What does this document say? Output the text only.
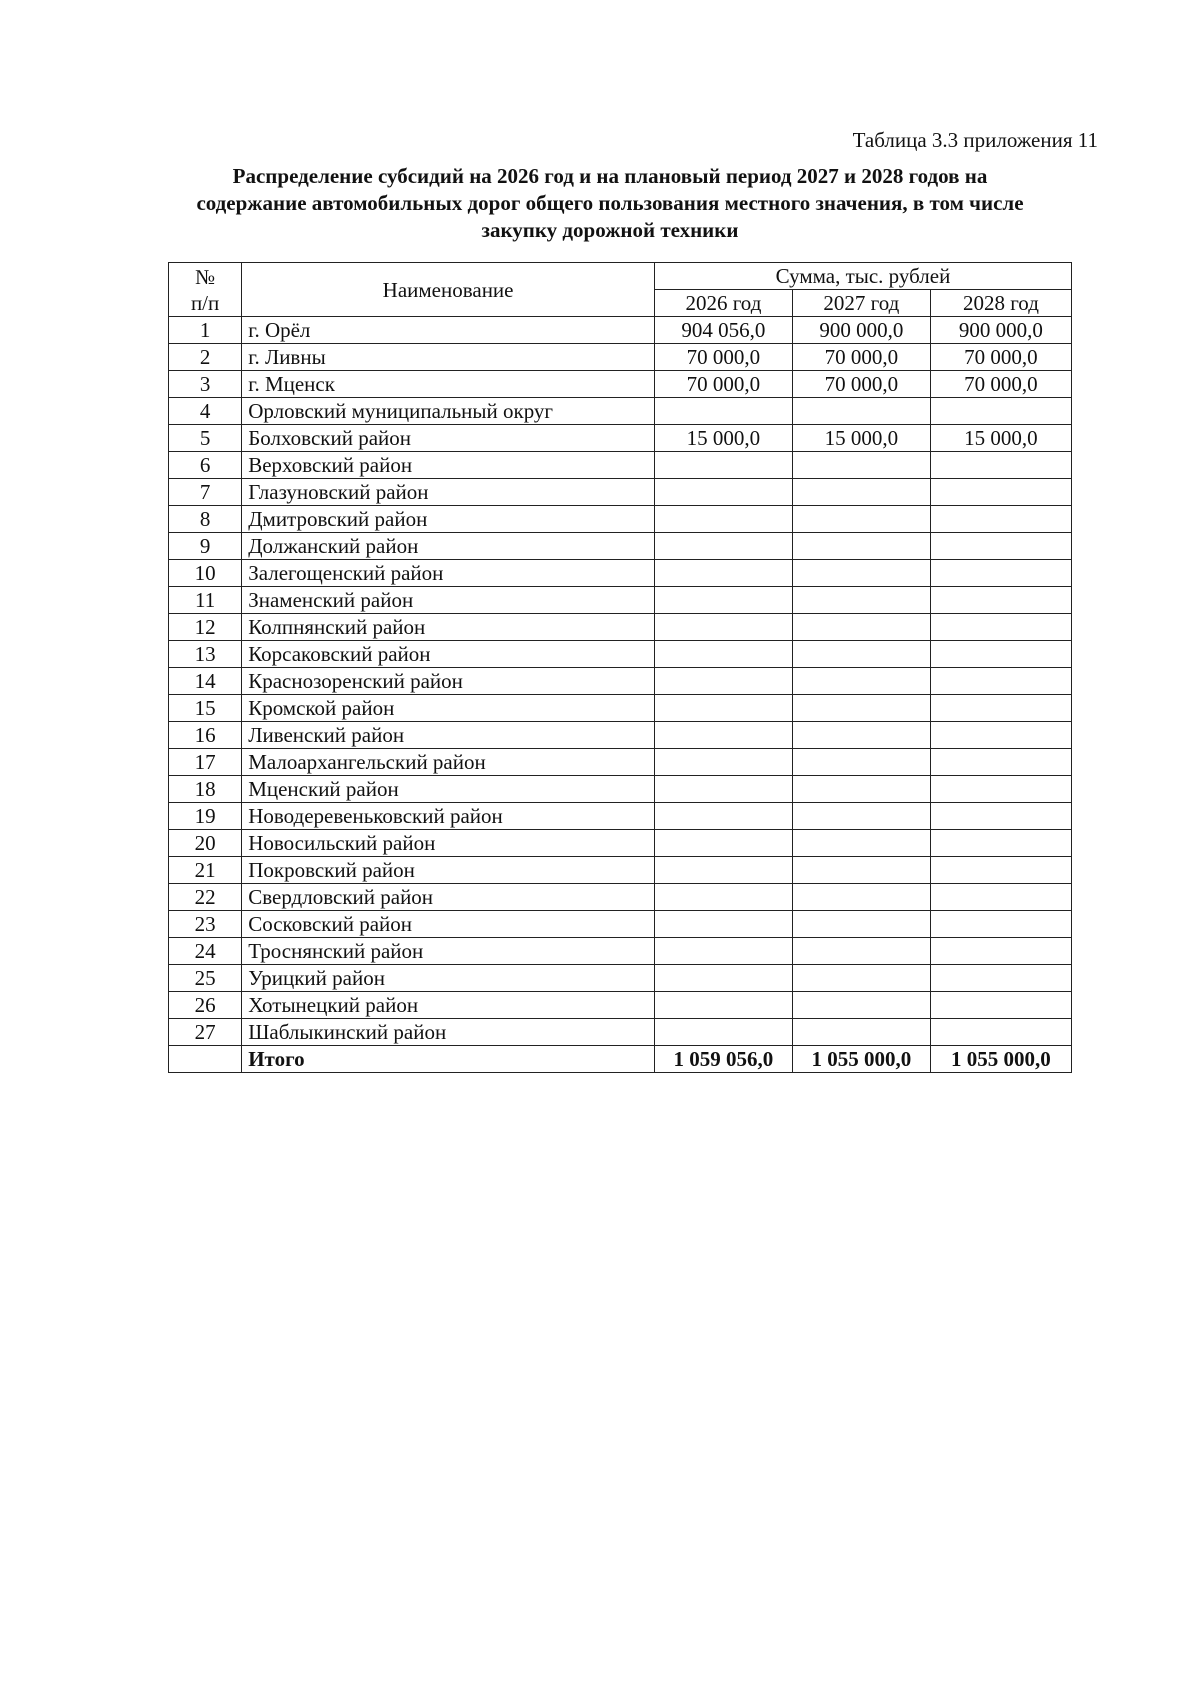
Таблица 3.3 приложения 11
Распределение субсидий на 2026 год и на плановый период 2027 и 2028 годов на
содержание автомобильных дорог общего пользования местного значения, в том числе
закупку дорожной техники
№
п/п	Наименование	Сумма, тыс. рублей		
		2026 год	2027 год	2028 год
1	г. Орёл	904 056,0	900 000,0	900 000,0
2	г. Ливны	70 000,0	70 000,0	70 000,0
3	г. Мценск	70 000,0	70 000,0	70 000,0
4	Орловский муниципальный округ			
5	Болховский район	15 000,0	15 000,0	15 000,0
6	Верховский район			
7	Глазуновский район			
8	Дмитровский район			
9	Должанский район			
10	Залегощенский район			
11	Знаменский район			
12	Колпнянский район			
13	Корсаковский район			
14	Краснозоренский район			
15	Кромской район			
16	Ливенский район			
17	Малоархангельский район			
18	Мценский район			
19	Новодеревеньковский район			
20	Новосильский район			
21	Покровский район			
22	Свердловский район			
23	Сосковский район			
24	Троснянский район			
25	Урицкий район			
26	Хотынецкий район			
27	Шаблыкинский район			
	Итого	1 059 056,0	1 055 000,0	1 055 000,0
